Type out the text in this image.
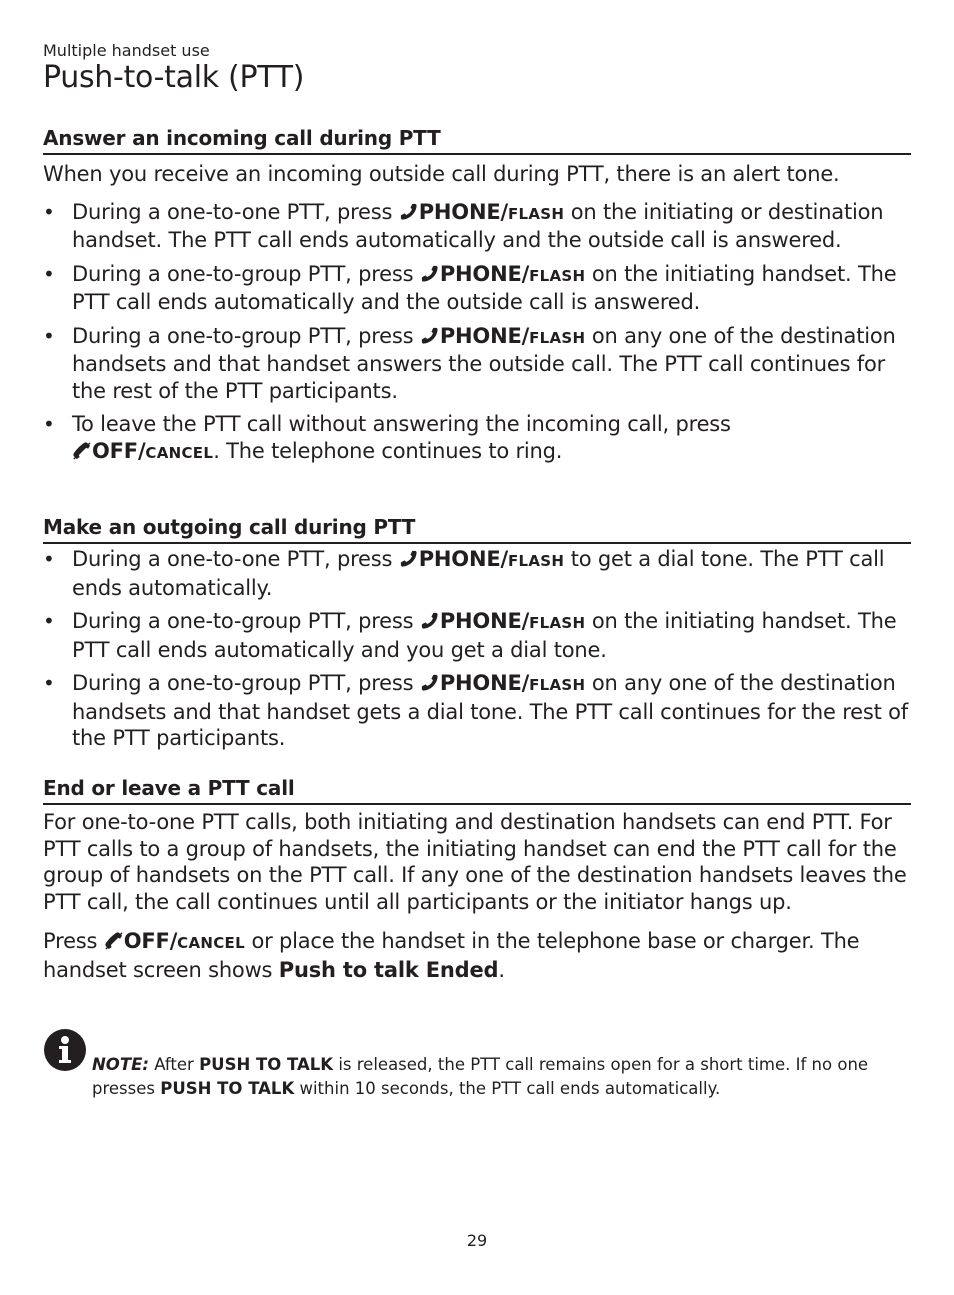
Multiple handset use
Push-to-talk (PTT)
Answer an incoming call during PTT

When you receive an incoming outside call during PTT, there is an alert tone.

• During a one-to-one PTT, press
PHONE/FLASH on the initiating or destination handset. The PTT call ends automatically and the outside call is answered.
• During a one-to-group PTT, press
PHONE/FLASH on the initiating handset. The PTT call ends automatically and the outside call is answered.
• During a one-to-group PTT, press
PHONE/FLASH on any one of the destination handsets and that handset answers the outside call. The PTT call continues for the rest of the PTT participants.
• To leave the PTT call without answering the incoming call, press

OFF/CANCEL. The telephone continues to ring.
Make an outgoing call during PTT
• During a one-to-one PTT, press
PHONE/FLASH to get a dial tone. The PTT call ends automatically.
• During a one-to-group PTT, press
PHONE/FLASH on the initiating handset. The PTT call ends automatically and you get a dial tone.
• During a one-to-group PTT, press
PHONE/FLASH on any one of the destination handsets and that handset gets a dial tone. The PTT call continues for the rest of the PTT participants.
End or leave a PTT call

For one-to-one PTT calls, both initiating and destination handsets can end PTT. For PTT calls to a group of handsets, the initiating handset can end the PTT call for the group of handsets on the PTT call. If any one of the destination handsets leaves the PTT call, the call continues until all participants or the initiator hangs up.

Press
OFF/CANCEL or place the handset in the telephone base or charger. The handset screen shows Push to talk Ended.

NOTE: After PUSH TO TALK is released, the PTT call remains open for a short time. If no one presses PUSH TO TALK within 10 seconds, the PTT call ends automatically.
29
